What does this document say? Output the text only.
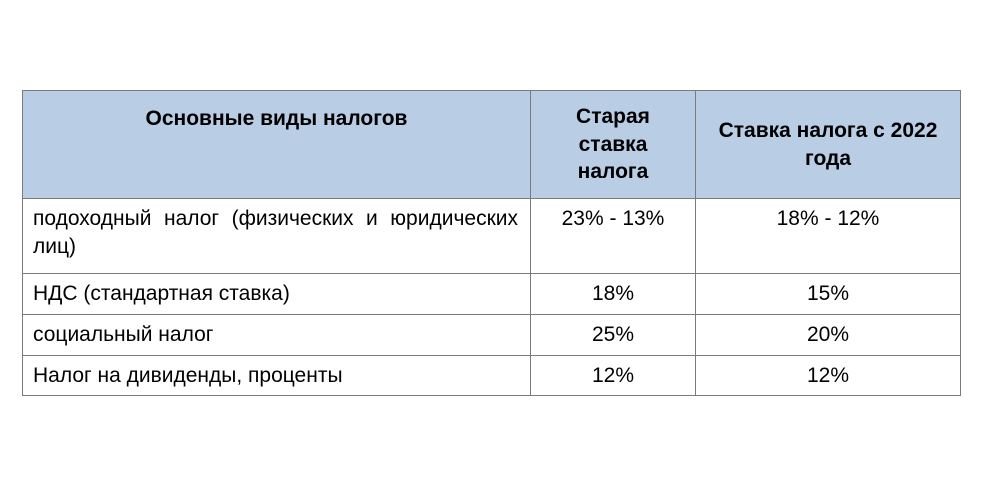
Основные виды налогов	Старая ставка налога	Ставка налога с 2022 года
подоходный налог (физических и юридических лиц)	23% - 13%	18% - 12%
НДС (стандартная ставка)	18%	15%
социальный налог	25%	20%
Налог на дивиденды, проценты	12%	12%
